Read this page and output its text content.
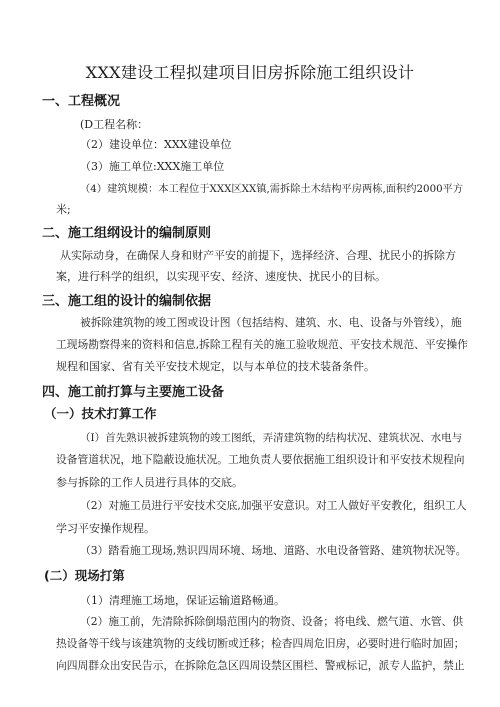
XXX建设工程拟建项目旧房拆除施工组织设计
一、工程概况
(D工程名称：
（2）建设单位：XXX建设单位
（3）施工单位:XXX施工单位
（4）建筑规模：本工程位于XXX区XX镇,需拆除土木结构平房两栋,面积约2000平方
米;
二、施工组纲设计的编制原则
从实际动身，在确保人身和财产平安的前提下，选择经济、合理、扰民小的拆除方
案，进行科学的组织，以实现平安、经济、速度快、扰民小的目标。
三、施工组的设计的编制依据
被拆除建筑物的竣工图或设计图（包括结构、建筑、水、电、设备与外管线），施
工现场勘察得来的资料和信息,拆除工程有关的施工验收规范、平安技术规范、平安操作
规程和国家、省有关平安技术规定，以与本单位的技术装备条件。
四、施工前打算与主要施工设备
（一）技术打算工作
（I）首先熟识被拆建筑物的竣工图纸，弄清建筑物的结构状况、建筑状况、水电与
设备管道状况，地下隐蔽设施状况。工地负责人要依据施工组织设计和平安技术规程向
参与拆除的工作人员进行具体的交底。
（2）对施工员进行平安技术交底,加强平安意识。对工人做好平安教化，组织工人
学习平安操作规程。
（3）踏看施工现场,熟识四周环境、场地、道路、水电设备管路、建筑物状况等。
(二）现场打第
（1）清理施工场地，保证运输道路畅通。
（2）施工前，先清除拆除倒塌范围内的物资、设备；将电线、燃气道、水管、供
热设备等干线与该建筑物的支线切断或迁移；检杳四周危旧房，必要时进行临时加固；
向四周群众出安民告示，在拆除危急区四周设禁区围栏、警戒标记，派专人监护，禁止
